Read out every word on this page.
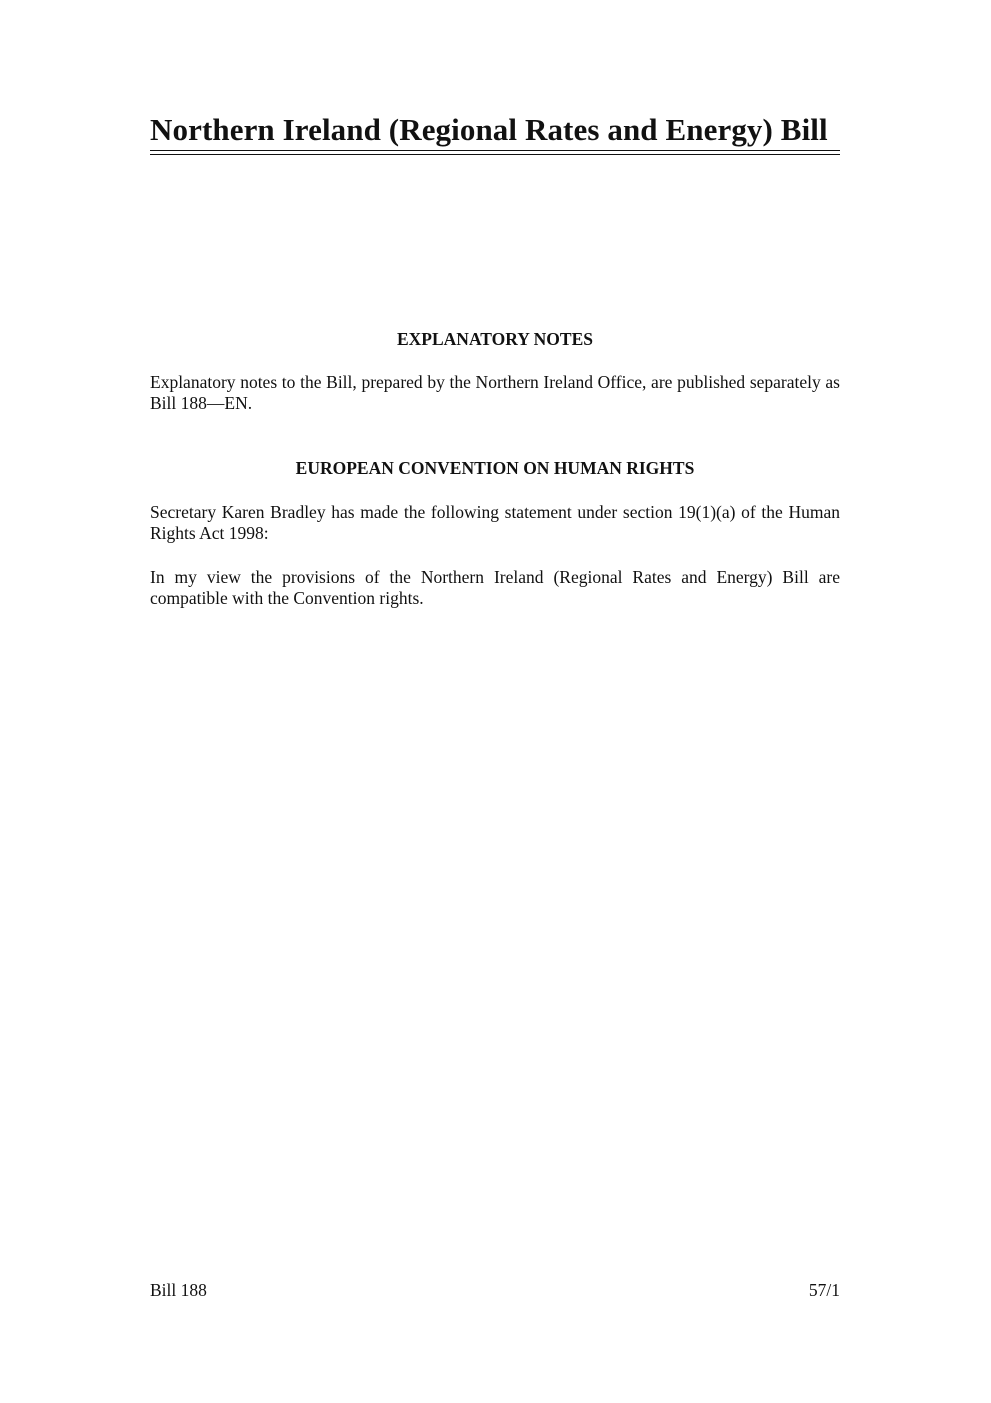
Northern Ireland (Regional Rates and Energy) Bill
EXPLANATORY NOTES

Explanatory notes to the Bill, prepared by the Northern Ireland Office, are published separately as Bill 188—EN.

EUROPEAN CONVENTION ON HUMAN RIGHTS

Secretary Karen Bradley has made the following statement under section 19(1)(a) of the Human Rights Act 1998:

In my view the provisions of the Northern Ireland (Regional Rates and Energy) Bill are compatible with the Convention rights.

Bill 188	57/1
